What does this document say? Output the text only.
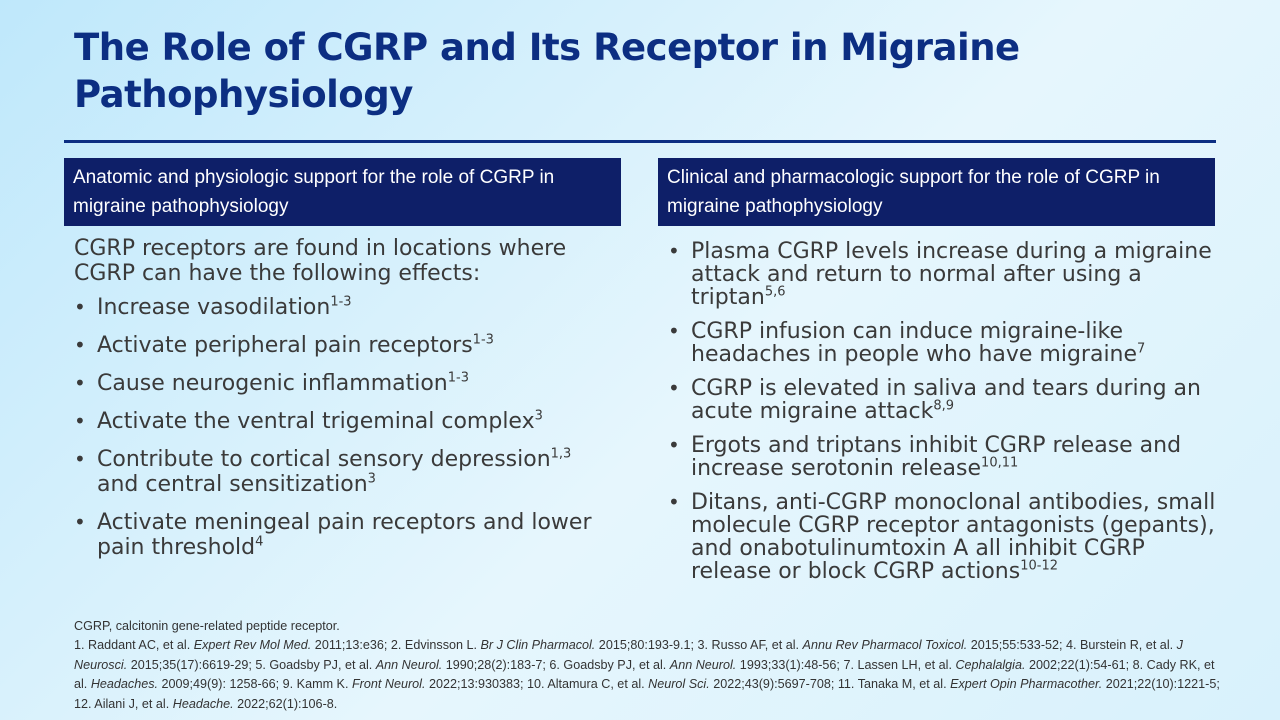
The Role of CGRP and Its Receptor in Migraine Pathophysiology
Anatomic and physiologic support for the role of CGRP in migraine pathophysiology
Clinical and pharmacologic support for the role of CGRP in migraine pathophysiology

CGRP receptors are found in locations where CGRP can have the following effects:

• Increase vasodilation$^{1-3}$
• Activate peripheral pain receptors$^{1-3}$
• Cause neurogenic inflammation$^{1-3}$
• Activate the ventral trigeminal complex$^3$
• Contribute to cortical sensory depression$^{1,3}$
and central sensitization$^3$
• Activate meningeal pain receptors and lower pain threshold$^4$
• Plasma CGRP levels increase during a migraine attack and return to normal after using a triptan$^{5,6}$
• CGRP infusion can induce migraine-like headaches in people who have migraine$^7$
• CGRP is elevated in saliva and tears during an acute migraine attack$^{8,9}$
• Ergots and triptans inhibit CGRP release and increase serotonin release$^{10,11}$
• Ditans, anti-CGRP monoclonal antibodies, small molecule CGRP receptor antagonists (gepants), and onabotulinumtoxin A all inhibit CGRP release or block CGRP actions$^{10-12}$
CGRP, calcitonin gene-related peptide receptor.
1. Raddant AC, et al. Expert Rev Mol Med. 2011;13:e36; 2. Edvinsson L. Br J Clin Pharmacol. 2015;80:193-9.1; 3. Russo AF, et al. Annu Rev Pharmacol Toxicol. 2015;55:533-52; 4. Burstein R, et al. J Neurosci. 2015;35(17):6619-29; 5. Goadsby PJ, et al. Ann Neurol. 1990;28(2):183-7; 6. Goadsby PJ, et al. Ann Neurol. 1993;33(1):48-56; 7. Lassen LH, et al. Cephalalgia. 2002;22(1):54-61; 8. Cady RK, et al. Headaches. 2009;49(9): 1258-66; 9. Kamm K. Front Neurol. 2022;13:930383; 10. Altamura C, et al. Neurol Sci. 2022;43(9):5697-708; 11. Tanaka M, et al. Expert Opin Pharmacother. 2021;22(10):1221-5; 12. Ailani J, et al. Headache. 2022;62(1):106-8.
